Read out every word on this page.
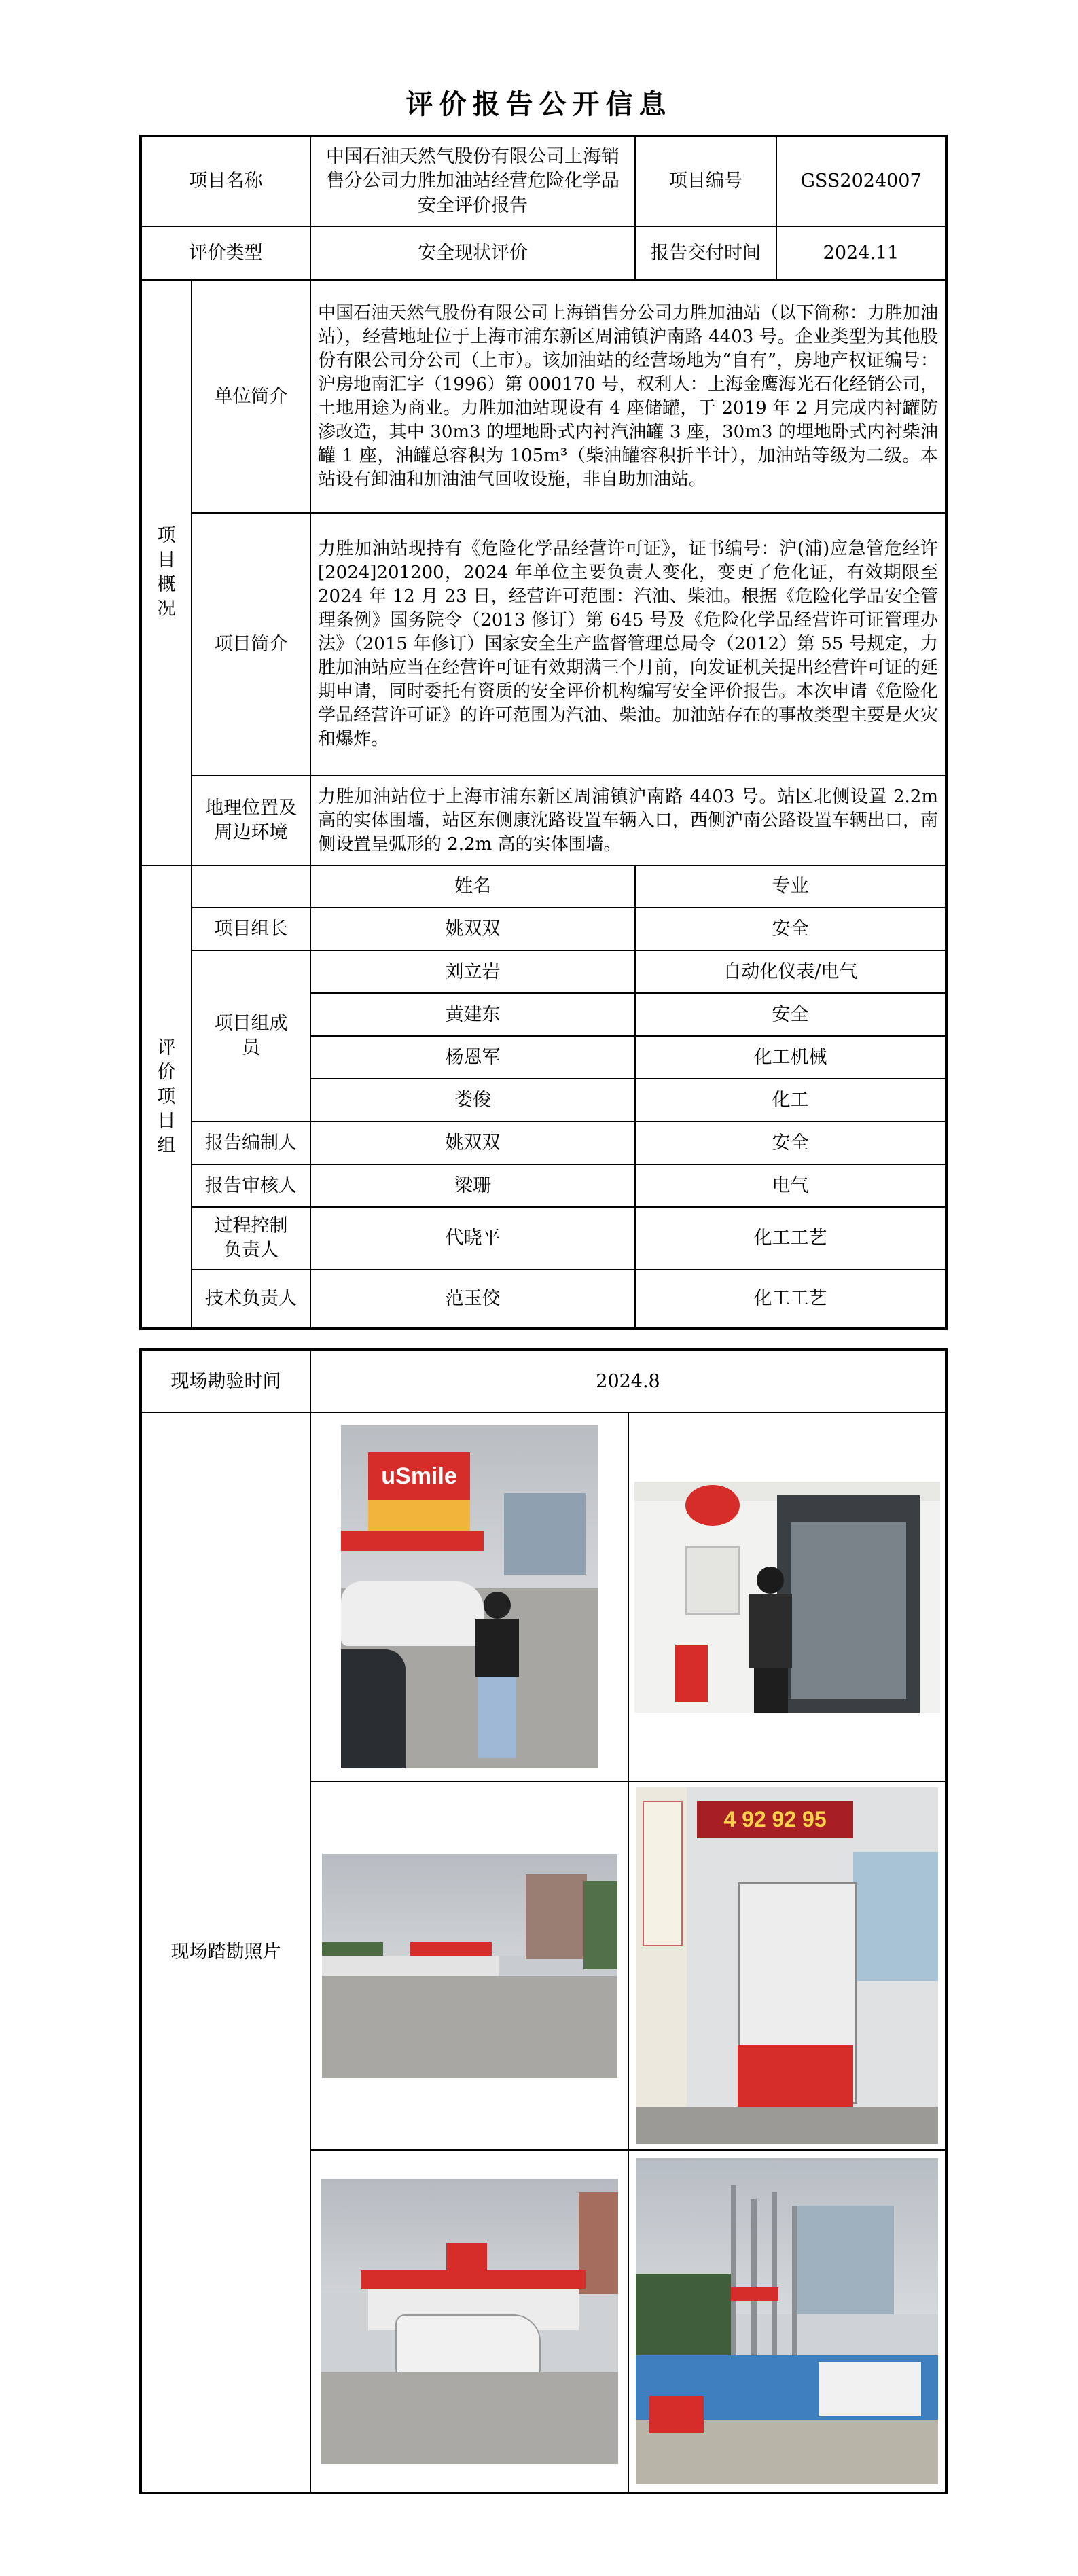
评价报告公开信息
项目名称		中国石油天然气股份有限公司上海销售分公司力胜加油站经营危险化学品安全评价报告	项目编号	GSS2024007
评价类型		安全现状评价	报告交付时间	2024.11
项目概况	单位简介	中国石油天然气股份有限公司上海销售分公司力胜加油站（以下简称：力胜加油站），经营地址位于上海市浦东新区周浦镇沪南路 4403 号。企业类型为其他股份有限公司分公司（上市）。该加油站的经营场地为“自有”，房地产权证编号：沪房地南汇字（1996）第 000170 号，权利人：上海金鹰海光石化经销公司，土地用途为商业。力胜加油站现设有 4 座储罐，于 2019 年 2 月完成内衬罐防渗改造，其中 30m3 的埋地卧式内衬汽油罐 3 座，30m3 的埋地卧式内衬柴油罐 1 座，油罐总容积为 105m³（柴油罐容积折半计），加油站等级为二级。本站设有卸油和加油油气回收设施，非自助加油站。		
	项目简介	力胜加油站现持有《危险化学品经营许可证》，证书编号：沪(浦)应急管危经许[2024]201200，2024 年单位主要负责人变化，变更了危化证，有效期限至 2024 年 12 月 23 日，经营许可范围：汽油、柴油。根据《危险化学品安全管理条例》国务院令（2013 修订）第 645 号及《危险化学品经营许可证管理办法》（2015 年修订）国家安全生产监督管理总局令（2012）第 55 号规定，力胜加油站应当在经营许可证有效期满三个月前，向发证机关提出经营许可证的延期申请，同时委托有资质的安全评价机构编写安全评价报告。本次申请《危险化学品经营许可证》的许可范围为汽油、柴油。加油站存在的事故类型主要是火灾和爆炸。		
	地理位置及周边环境	力胜加油站位于上海市浦东新区周浦镇沪南路 4403 号。站区北侧设置 2.2m 高的实体围墙，站区东侧康沈路设置车辆入口，西侧沪南公路设置车辆出口，南侧设置呈弧形的 2.2m 高的实体围墙。		
评价项目组		姓名	专业	
	项目组长	姚双双	安全	
	项目组成员	刘立岩	自动化仪表/电气	
		黄建东	安全	
		杨恩军	化工机械	
		娄俊	化工	
	报告编制人	姚双双	安全	
	报告审核人	梁珊	电气	
	过程控制负责人	代晓平	化工工艺	
	技术负责人	范玉佼	化工工艺	
现场勘验时间	2024.8	
现场踏勘照片	uSmile	

		4 92 92 95
